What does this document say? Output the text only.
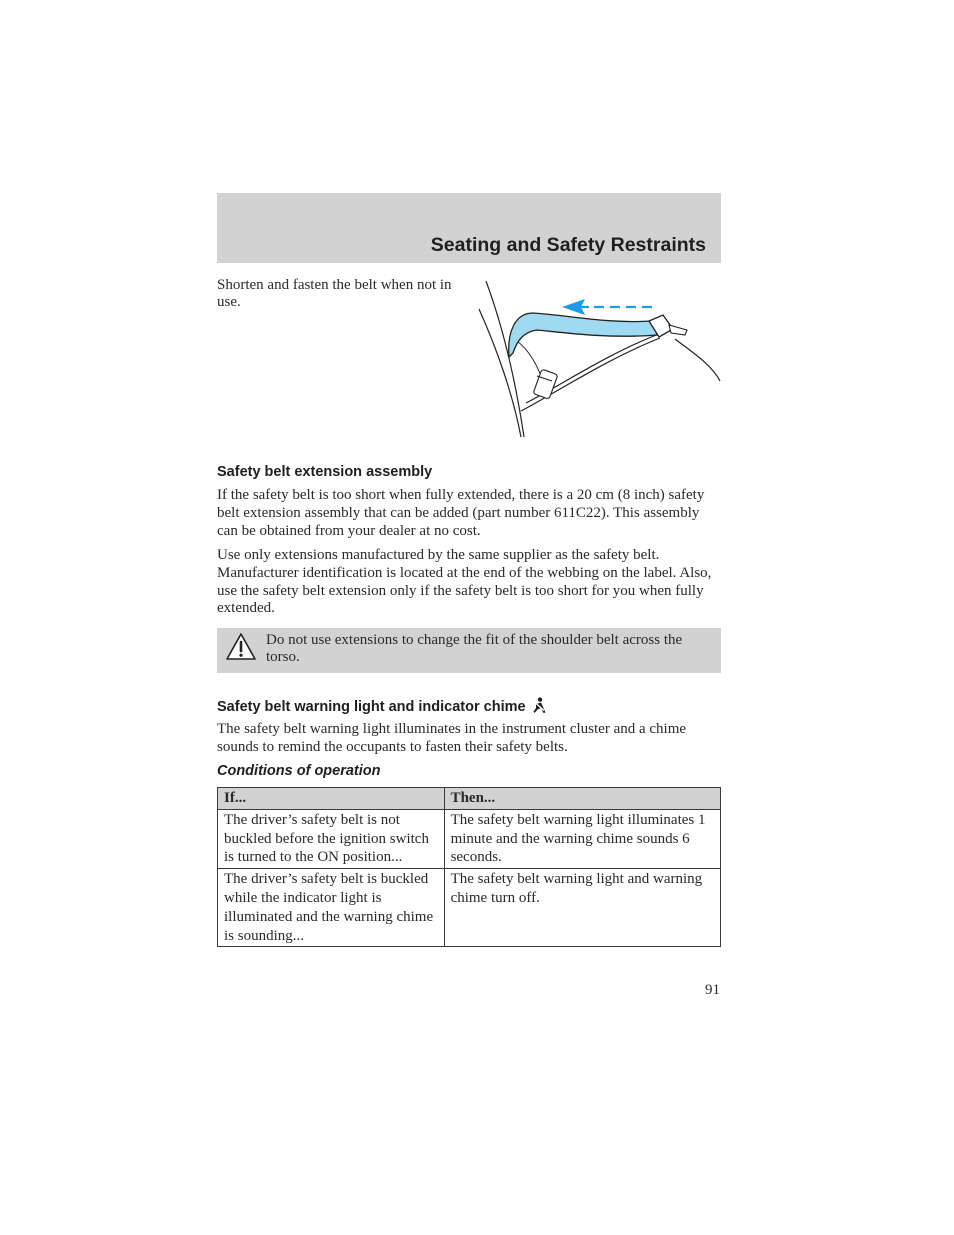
Seating and Safety Restraints
Shorten and fasten the belt when not in use.
Safety belt extension assembly
If the safety belt is too short when fully extended, there is a 20 cm (8 inch) safety belt extension assembly that can be added (part number 611C22). This assembly can be obtained from your dealer at no cost.
Use only extensions manufactured by the same supplier as the safety belt. Manufacturer identification is located at the end of the webbing on the label. Also, use the safety belt extension only if the safety belt is too short for you when fully extended.
Do not use extensions to change the fit of the shoulder belt across the torso.
Safety belt warning light and indicator chime
The safety belt warning light illuminates in the instrument cluster and a chime sounds to remind the occupants to fasten their safety belts.
Conditions of operation
If...	Then...
The driver’s safety belt is not buckled before the ignition switch is turned to the ON position...	The safety belt warning light illuminates 1 minute and the warning chime sounds 6 seconds.
The driver’s safety belt is buckled while the indicator light is illuminated and the warning chime is sounding...	The safety belt warning light and warning chime turn off.
91
